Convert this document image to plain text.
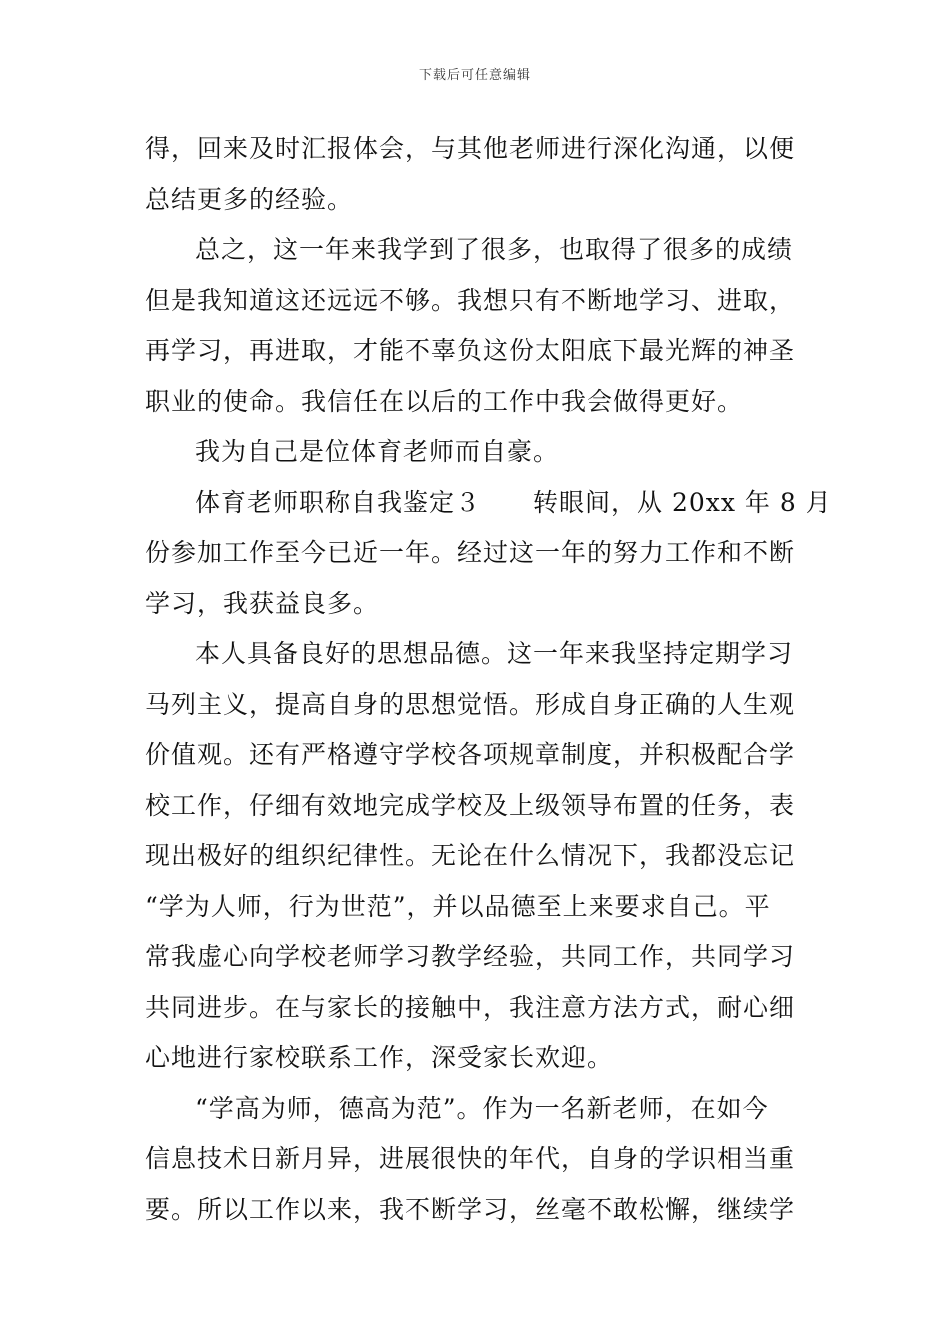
下载后可任意编辑
得，回来及时汇报体会，与其他老师进行深化沟通，以便
总结更多的经验。
总之，这一年来我学到了很多，也取得了很多的成绩
但是我知道这还远远不够。我想只有不断地学习、进取，
再学习，再进取，才能不辜负这份太阳底下最光辉的神圣
职业的使命。我信任在以后的工作中我会做得更好。
我为自己是位体育老师而自豪。
体育老师职称自我鉴定３　　转眼间，从 20xx 年 8 月
份参加工作至今已近一年。经过这一年的努力工作和不断
学习，我获益良多。
本人具备良好的思想品德。这一年来我坚持定期学习
马列主义，提高自身的思想觉悟。形成自身正确的人生观
价值观。还有严格遵守学校各项规章制度，并积极配合学
校工作，仔细有效地完成学校及上级领导布置的任务，表
现出极好的组织纪律性。无论在什么情况下，我都没忘记
“学为人师，行为世范”，并以品德至上来要求自己。平
常我虚心向学校老师学习教学经验，共同工作，共同学习
共同进步。在与家长的接触中，我注意方法方式，耐心细
心地进行家校联系工作，深受家长欢迎。
“学高为师，德高为范”。作为一名新老师，在如今
信息技术日新月异，进展很快的年代，自身的学识相当重
要。所以工作以来，我不断学习，丝毫不敢松懈，继续学
